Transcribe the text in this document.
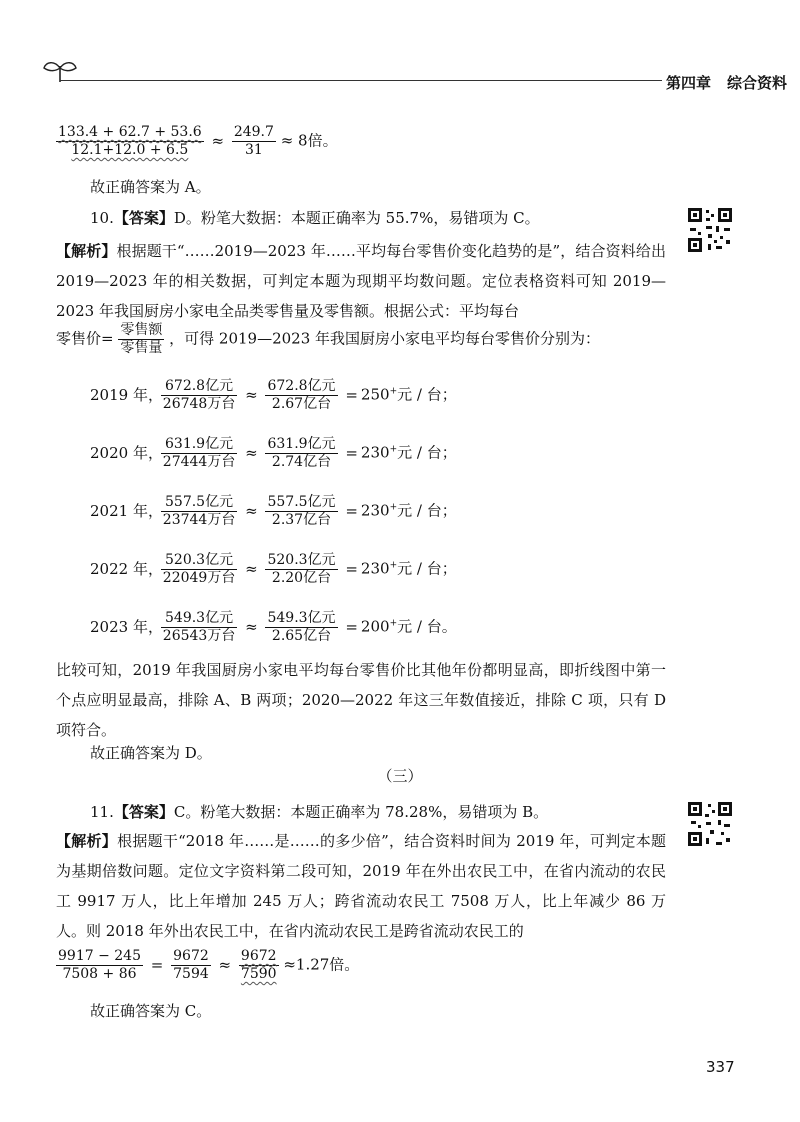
第四章 综合资料
$\frac{133.4 + 62.7 + 53.6}{12.1+12.0 + 6.5} \approx \frac{249.7}{31} \approx 8$倍。
故正确答案为 A。
10.【答案】D。粉笔大数据：本题正确率为 55.7%，易错项为 C。
【解析】根据题干“……2019—2023 年……平均每台零售价变化趋势的是”，结合资料给出 2019—2023 年的相关数据，可判定本题为现期平均数问题。定位表格资料可知 2019—2023 年我国厨房小家电全品类零售量及零售额。根据公式：平均每台
零售价= $\frac{\text{零售额}}{\text{零售量}}$ ，可得 2019—2023 年我国厨房小家电平均每台零售价分别为：
2019 年，
$\frac{\text{672.8亿元}}{\text{26748万台}} \approx \frac{\text{672.8亿元}}{\text{2.67亿台}} = 250^+$元 / 台；
2020 年，
$\frac{\text{631.9亿元}}{\text{27444万台}} \approx \frac{\text{631.9亿元}}{\text{2.74亿台}} = 230^+$元 / 台；
2021 年，
$\frac{\text{557.5亿元}}{\text{23744万台}} \approx \frac{\text{557.5亿元}}{\text{2.37亿台}} = 230^+$元 / 台；
2022 年，
$\frac{\text{520.3亿元}}{\text{22049万台}} \approx \frac{\text{520.3亿元}}{\text{2.20亿台}} = 230^+$元 / 台；
2023 年，
$\frac{\text{549.3亿元}}{\text{26543万台}} \approx \frac{\text{549.3亿元}}{\text{2.65亿台}} = 200^+$元 / 台。
比较可知，2019 年我国厨房小家电平均每台零售价比其他年份都明显高，即折线图中第一个点应明显最高，排除 A、B 两项；2020—2022 年这三年数值接近，排除 C 项，只有 D 项符合。
故正确答案为 D。
（三）
11.【答案】C。粉笔大数据：本题正确率为 78.28%，易错项为 B。
【解析】根据题干“2018 年……是……的多少倍”，结合资料时间为 2019 年，可判定本题为基期倍数问题。定位文字资料第二段可知，2019 年在外出农民工中，在省内流动的农民工 9917 万人，比上年增加 245 万人；跨省流动农民工 7508 万人，比上年减少 86 万人。则 2018 年外出农民工中，在省内流动农民工是跨省流动农民工的
$\frac{9917 - 245}{7508 + 86} = \frac{9672}{7594} \approx \frac{9672}{7590} \approx 1.27$倍。
故正确答案为 C。
337
